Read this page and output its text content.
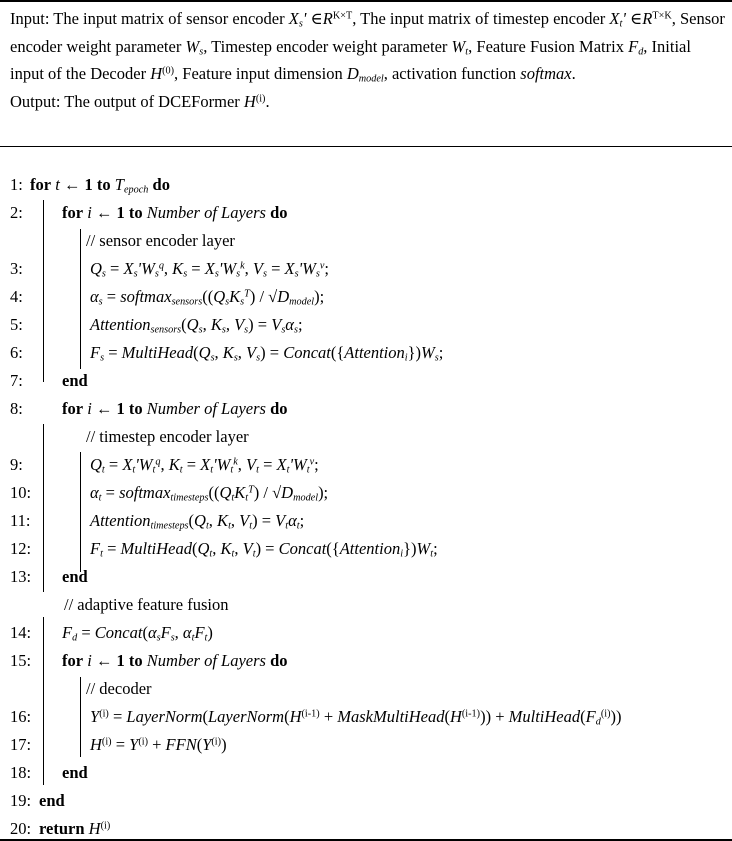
Input: The input matrix of sensor encoder $X_s'$ $\in R^{K\times T}$, The input matrix of timestep encoder $X_t'$ $\in R^{T\times K}$, Sensor encoder weight parameter $W_s$, Timestep encoder weight parameter $W_t$, Feature Fusion Matrix $F_d$, Initial input of the Decoder $H^{(0)}$, Feature input dimension $D_{model}$, activation function softmax.
Output: The output of DCEFormer $H^{(i)}$.
1: for t ← 1 to $T_{epoch}$ do
2: for i ← 1 to Number of Layers do
// sensor encoder layer
3:	$Q_s = X_s'W_s^q$, $K_s = X_s'W_s^k$, $V_s = X_s'W_s^v$;
4:	$\alpha_s$ = $softmax_{sensors}((Q_sK_s^T) / √D_{model})$;
5:	$Attention_{sensors}(Q_s$, $K_s$, $V_s) = V_s\alpha_s$;
6:	$F_s$ = $MultiHead(Q_s$, $K_s$, $V_s$) = $Concat(\{Attention_i\})W_s$;
7: end
8: for i ← 1 to Number of Layers do
// timestep encoder layer
9:	$Q_t = X_t'W_t^q$, $K_t = X_t'W_t^k$, $V_t = X_t'W_t^v$;
10:	$\alpha_t$ = $softmax_{timesteps}((Q_tK_t^T) / √D_{model})$;
11:	$Attention_{timesteps}(Q_t$, $K_t$, $V_t) = V_t\alpha_t$;
12:	$F_t$ = $MultiHead(Q_t$, $K_t$, $V_t$) = $Concat(\{Attention_i\})W_t$;
13: end
// adaptive feature fusion
14: $F_d$ = $Concat(\alpha_sF_s$, $\alpha_tF_t$)
15: for i ← 1 to Number of Layers do
// decoder
16:	$Y^{(i)}$ = $LayerNorm(LayerNorm(H^{(i-1)}$ + $MaskMultiHead(H^{(i-1)})$) + $MultiHead(F_d^{(i)})$)
17:	$H^{(i)} = Y^{(i)} + FFN(Y^{(i)})$
18: end
19: end
20: return $H^{(i)}$
